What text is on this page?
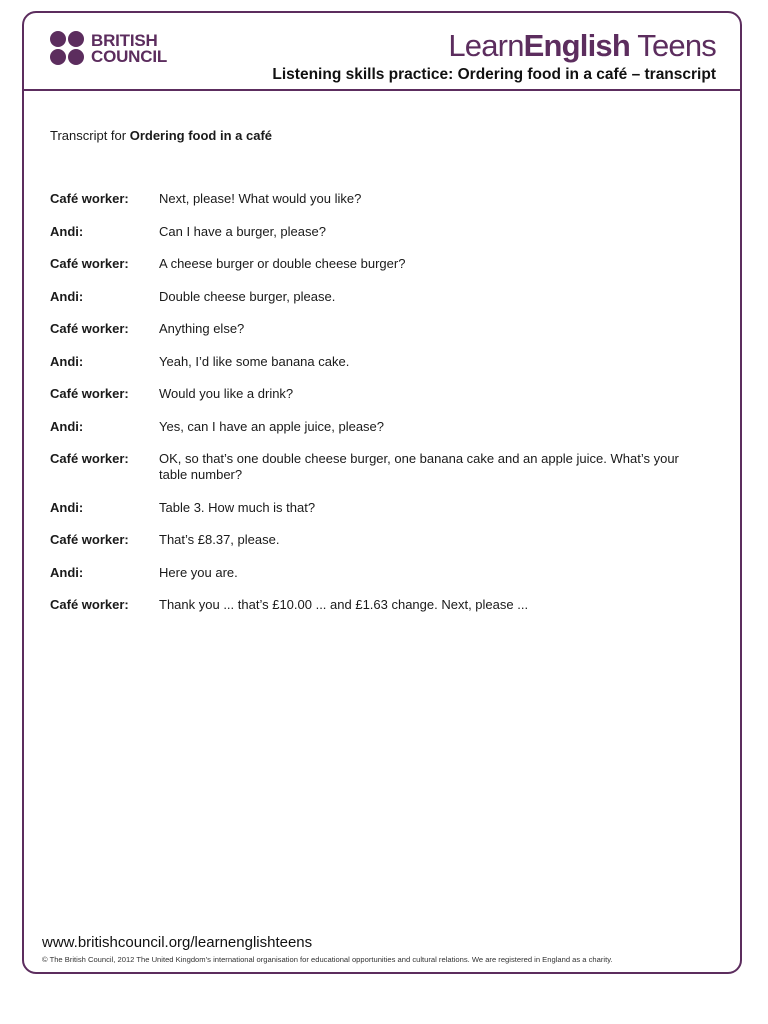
BRITISH
COUNCIL	LearnEnglish Teens
Listening skills practice: Ordering food in a café – transcript
Transcript for Ordering food in a café
Café worker:	Next, please! What would you like?
Andi:	Can I have a burger, please?
Café worker:	A cheese burger or double cheese burger?
Andi:	Double cheese burger, please.
Café worker:	Anything else?
Andi:	Yeah, I’d like some banana cake.
Café worker:	Would you like a drink?
Andi:	Yes, can I have an apple juice, please?
Café worker:	OK, so that’s one double cheese burger, one banana cake and an apple juice. What’s your table number?
Andi:	Table 3. How much is that?
Café worker:	That’s £8.37, please.
Andi:	Here you are.
Café worker:	Thank you ... that’s £10.00 ... and £1.63 change. Next, please ...
www.britishcouncil.org/learnenglishteens
© The British Council, 2012 The United Kingdom’s international organisation for educational opportunities and cultural relations. We are registered in England as a charity.
